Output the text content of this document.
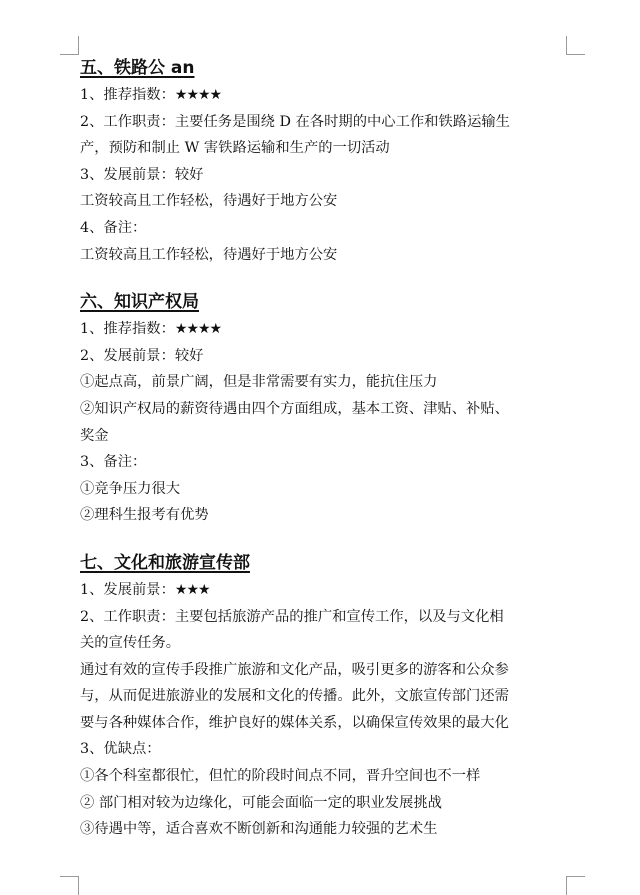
五、铁路公 an

1、推荐指数：★★★★

2、工作职责：主要任务是围绕 D 在各时期的中心工作和铁路运输生

产，预防和制止 W 害铁路运输和生产的一切活动

3、发展前景：较好

工资较高且工作轻松，待遇好于地方公安

4、备注：

工资较高且工作轻松，待遇好于地方公安

六、知识产权局

1、推荐指数：★★★★

2、发展前景：较好

①起点高，前景广阔，但是非常需要有实力，能抗住压力

②知识产权局的薪资待遇由四个方面组成，基本工资、津贴、补贴、

奖金

3、备注：

①竞争压力很大

②理科生报考有优势

七、文化和旅游宣传部

1、发展前景：★★★

2、工作职责：主要包括旅游产品的推广和宣传工作，以及与文化相

关的宣传任务。

通过有效的宣传手段推广旅游和文化产品，吸引更多的游客和公众参

与，从而促进旅游业的发展和文化的传播。此外，文旅宣传部门还需

要与各种媒体合作，维护良好的媒体关系，以确保宣传效果的最大化

3、优缺点：

①各个科室都很忙，但忙的阶段时间点不同，晋升空间也不一样

② 部门相对较为边缘化，可能会面临一定的职业发展挑战

③待遇中等，适合喜欢不断创新和沟通能力较强的艺术生
